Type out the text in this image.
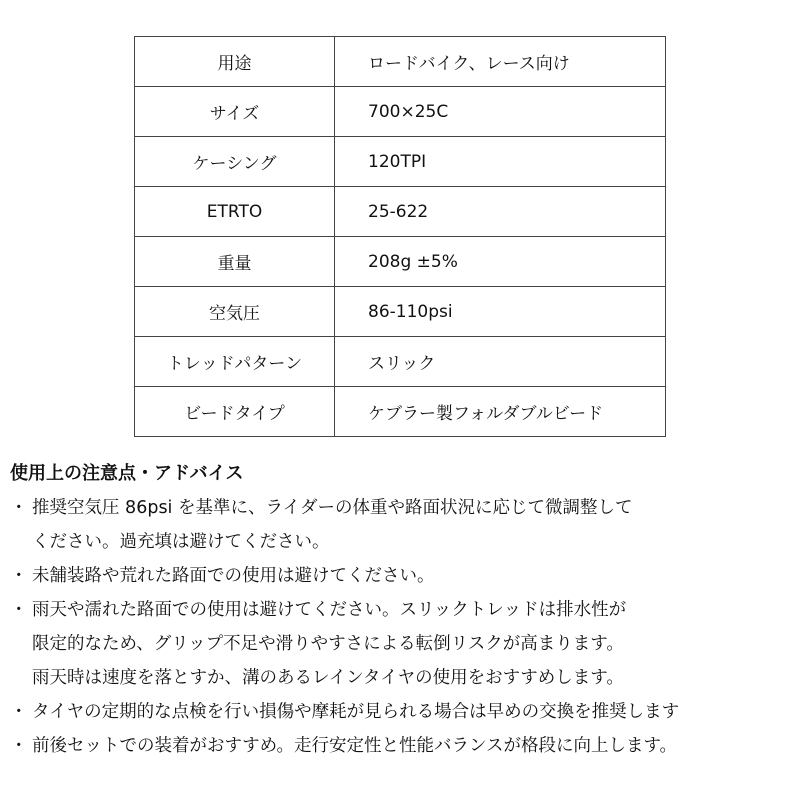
用途	ロードバイク、レース向け
サイズ	700×25C
ケーシング	120TPI
ETRTO	25-622
重量	208g ±5%
空気圧	86-110psi
トレッドパターン	スリック
ビードタイプ	ケブラー製フォルダブルビード
使用上の注意点・アドバイス
・ 推奨空気圧 86psi を基準に、ライダーの体重や路面状況に応じて微調整して
ください。過充填は避けてください。
・ 未舗装路や荒れた路面での使用は避けてください。
・ 雨天や濡れた路面での使用は避けてください。スリックトレッドは排水性が
限定的なため、グリップ不足や滑りやすさによる転倒リスクが高まります。
雨天時は速度を落とすか、溝のあるレインタイヤの使用をおすすめします。
・ タイヤの定期的な点検を行い損傷や摩耗が見られる場合は早めの交換を推奨します
・ 前後セットでの装着がおすすめ。走行安定性と性能バランスが格段に向上します。
